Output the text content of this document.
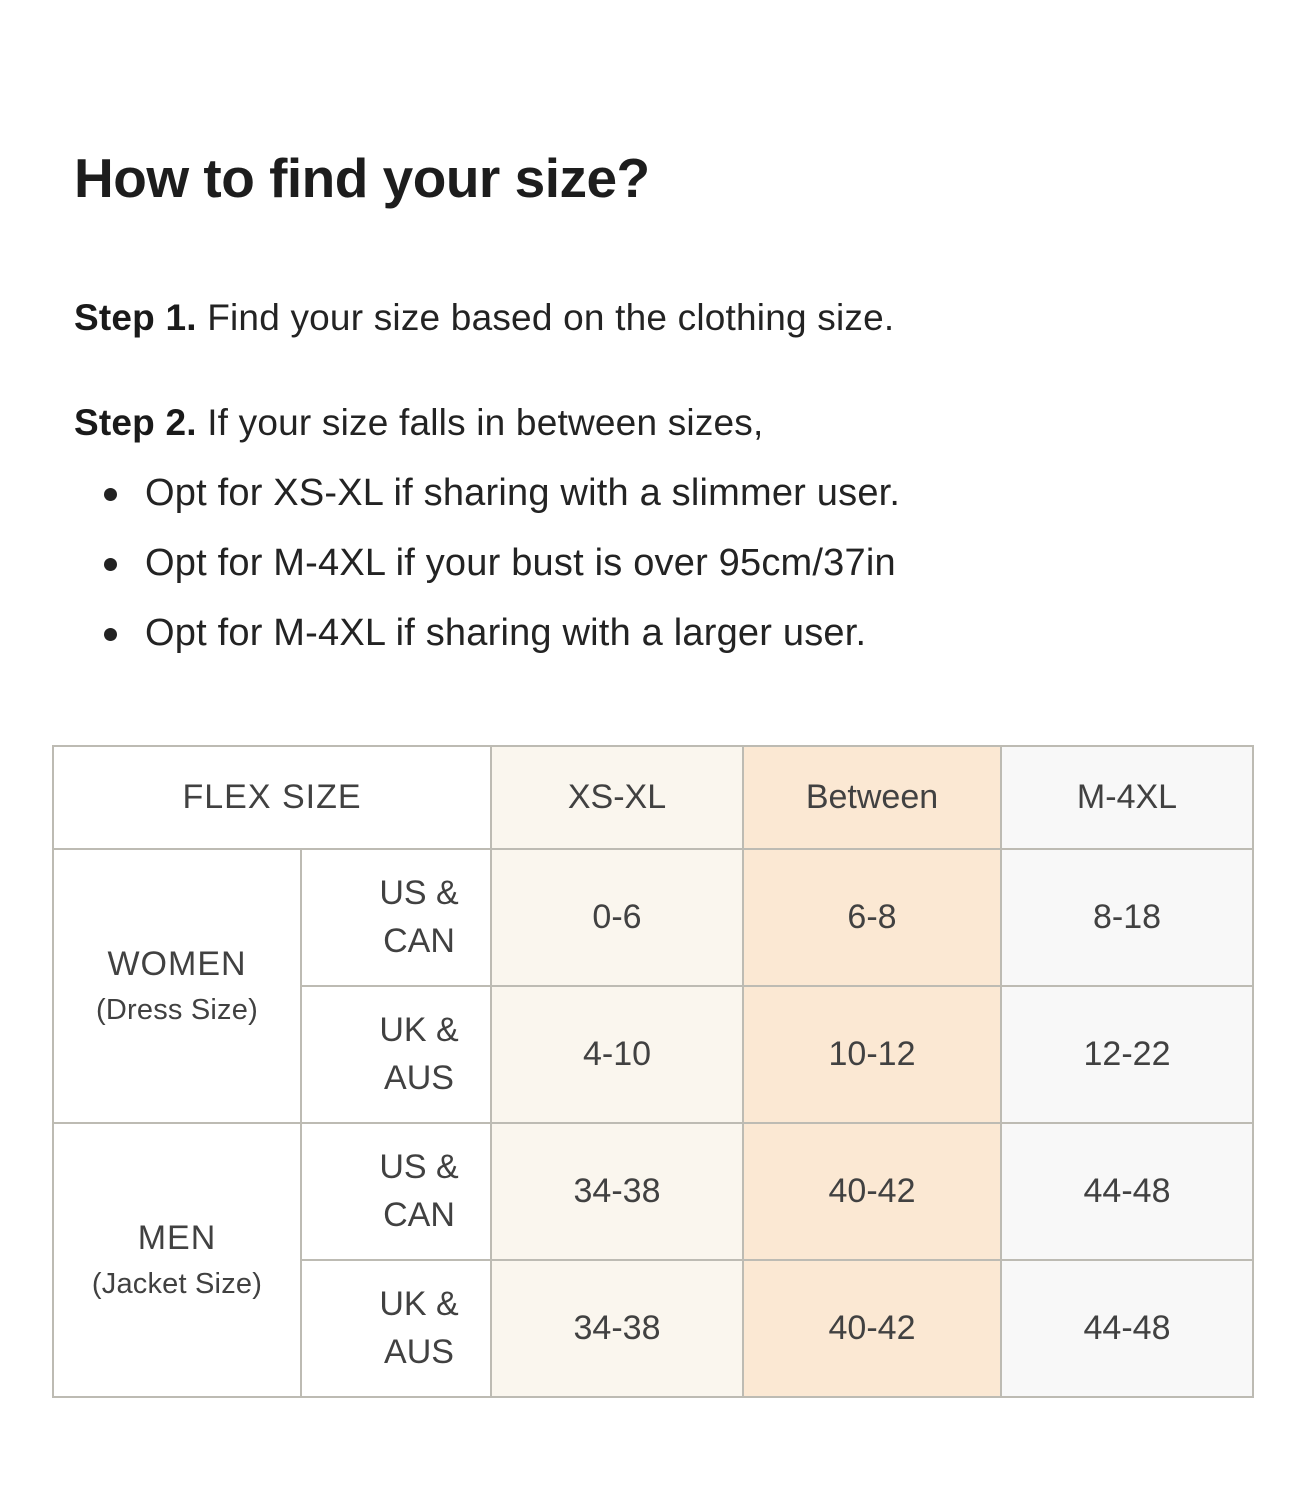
How to find your size?

Step 1. Find your size based on the clothing size.

Step 2. If your size falls in between sizes,

Opt for XS-XL if sharing with a slimmer user.
Opt for M-4XL if your bust is over 95cm/37in
Opt for M-4XL if sharing with a larger user.
FLEX SIZE		XS-XL	Between	M-4XL

WOMEN
(Dress Size)	US & CAN	0-6	6-8	8-18
	UK & AUS	4-10	10-12	12-22

MEN
(Jacket Size)	US & CAN	34-38	40-42	44-48
	UK & AUS	34-38	40-42	44-48
